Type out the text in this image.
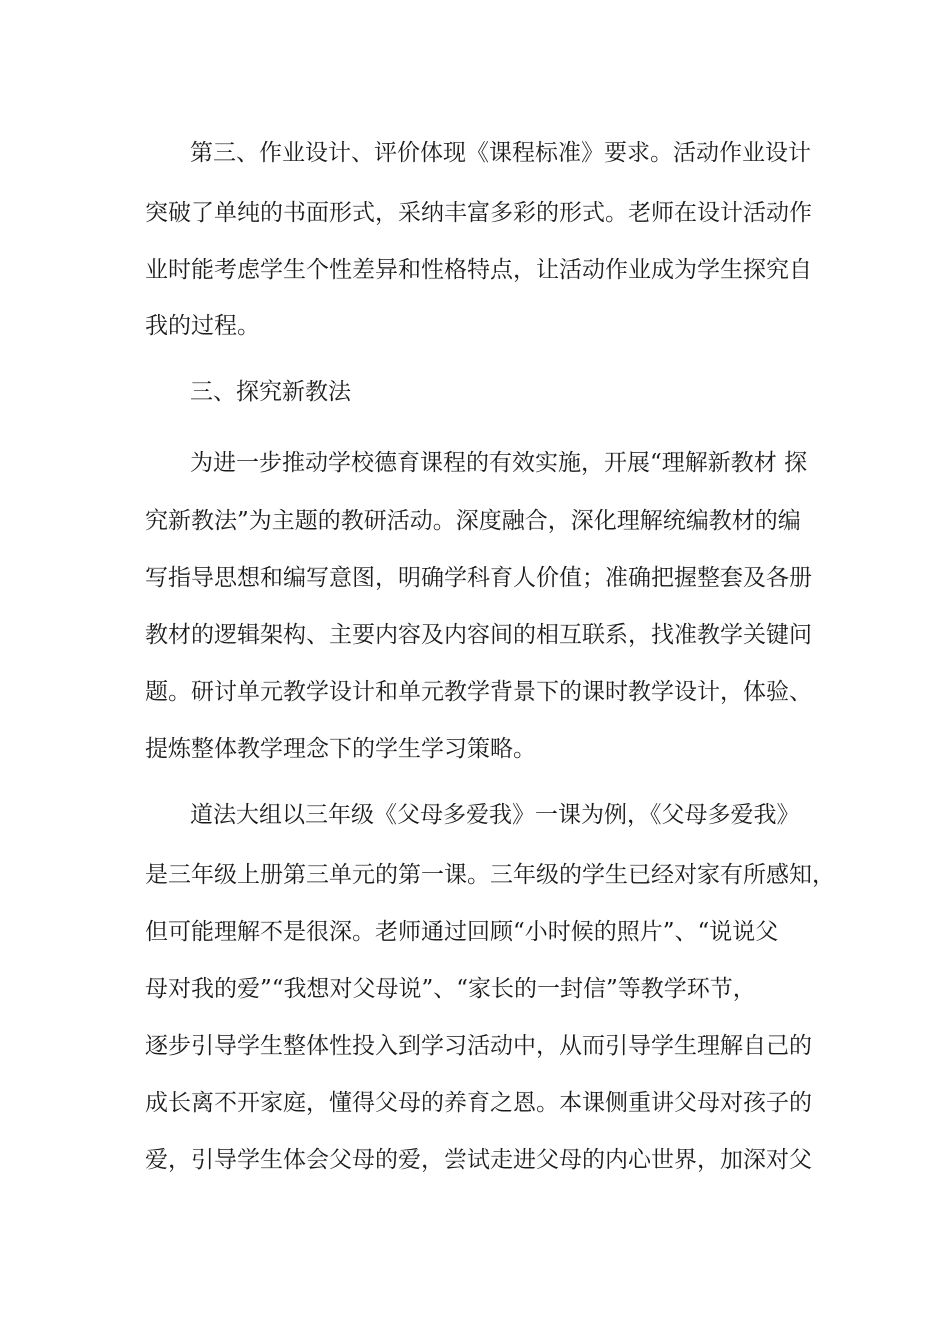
第三、作业设计、评价体现《课程标准》要求。活动作业设计

突破了单纯的书面形式，采纳丰富多彩的形式。老师在设计活动作

业时能考虑学生个性差异和性格特点，让活动作业成为学生探究自

我的过程。

三、探究新教法

为进一步推动学校德育课程的有效实施，开展“理解新教材 探

究新教法”为主题的教研活动。深度融合，深化理解统编教材的编

写指导思想和编写意图，明确学科育人价值；准确把握整套及各册

教材的逻辑架构、主要内容及内容间的相互联系，找准教学关键问

题。研讨单元教学设计和单元教学背景下的课时教学设计，体验、

提炼整体教学理念下的学生学习策略。

道法大组以三年级《父母多爱我》一课为例，《父母多爱我》

是三年级上册第三单元的第一课。三年级的学生已经对家有所感知，

但可能理解不是很深。老师通过回顾“小时候的照片”、“说说父

母对我的爱”“我想对父母说”、“家长的一封信”等教学环节，

逐步引导学生整体性投入到学习活动中，从而引导学生理解自己的

成长离不开家庭，懂得父母的养育之恩。本课侧重讲父母对孩子的

爱，引导学生体会父母的爱，尝试走进父母的内心世界，加深对父
